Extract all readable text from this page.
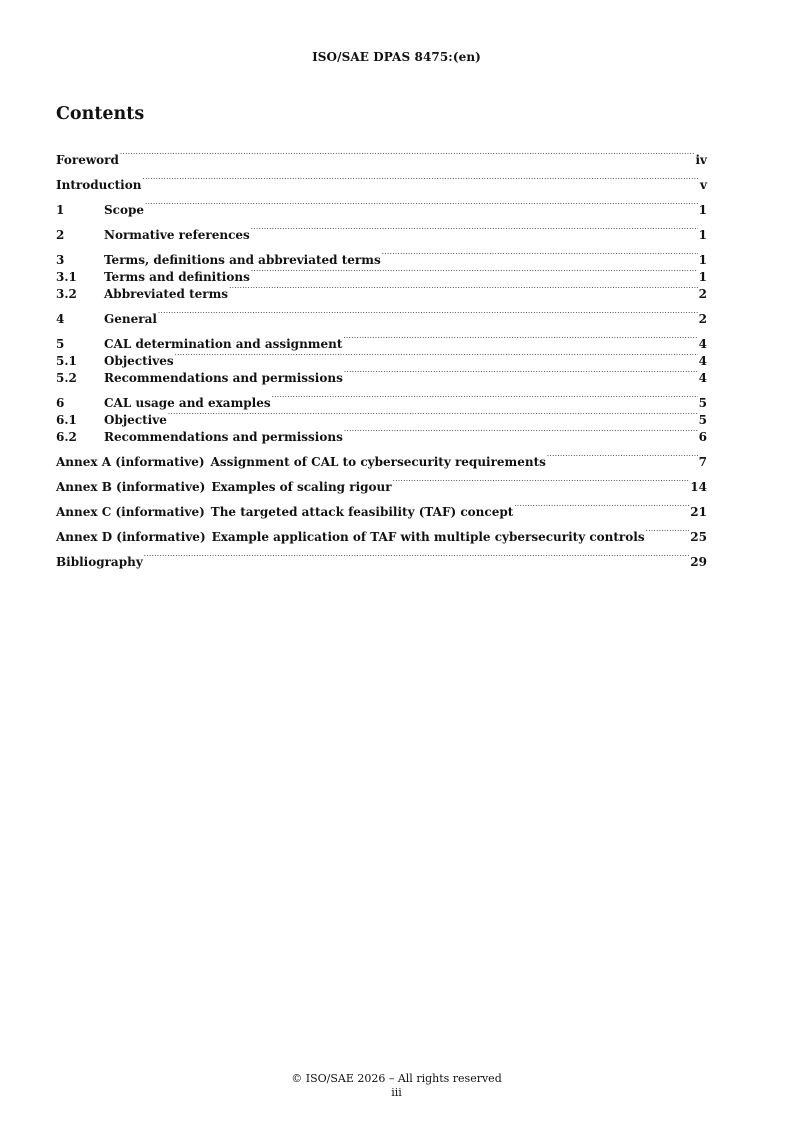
ISO/SAE DPAS 8475:(en)
Contents
Foreword .....	iv
Introduction .....	v
1	Scope .....	1
2	Normative references .....	1
3	Terms, definitions and abbreviated terms .....	1
3.1	Terms and definitions .....	1
3.2	Abbreviated terms .....	2
4	General .....	2
5	CAL determination and assignment .....	4
5.1	Objectives .....	4
5.2	Recommendations and permissions .....	4
6	CAL usage and examples .....	5
6.1	Objective .....	5
6.2	Recommendations and permissions .....	6
Annex A (informative) Assignment of CAL to cybersecurity requirements .....	7
Annex B (informative) Examples of scaling rigour .....	14
Annex C (informative) The targeted attack feasibility (TAF) concept .....	21
Annex D (informative) Example application of TAF with multiple cybersecurity controls .....	25
Bibliography .....	29
© ISO/SAE 2026 – All rights reserved
iii
